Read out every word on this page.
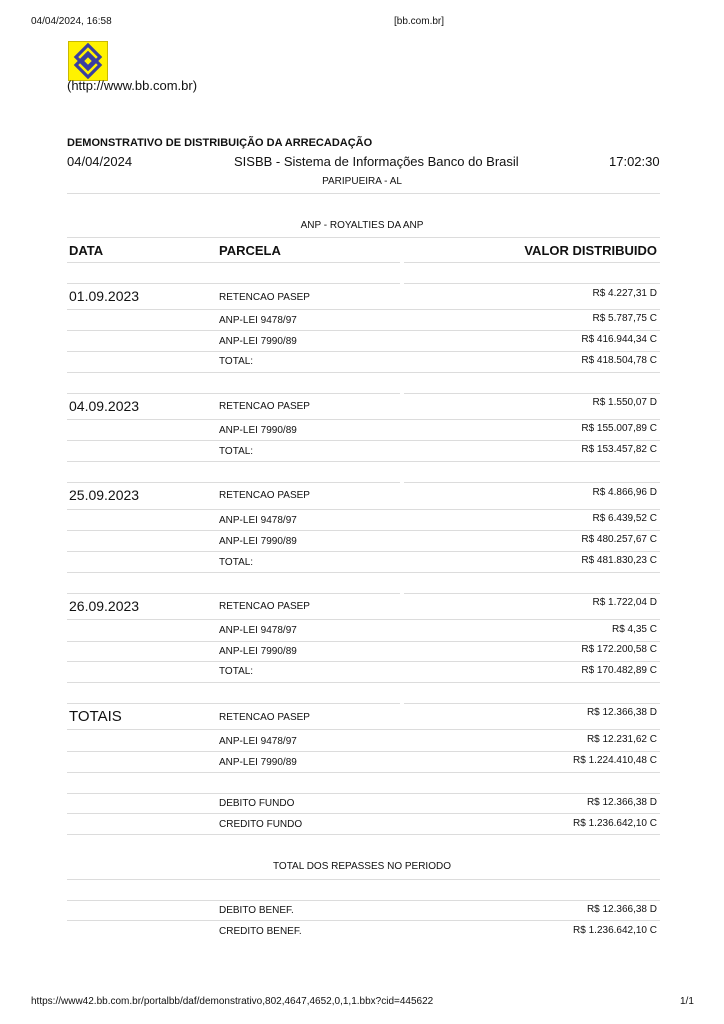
04/04/2024, 16:58	[bb.com.br]
(http://www.bb.com.br)
DEMONSTRATIVO DE DISTRIBUIÇÃO DA ARRECADAÇÃO
04/04/2024	SISBB - Sistema de Informações Banco do Brasil	17:02:30
PARIPUEIRA - AL
ANP - ROYALTIES DA ANP
DATA	PARCELA	VALOR DISTRIBUIDO
01.09.2023	RETENCAO PASEP	R$ 4.227,31 D
ANP-LEI 9478/97	R$ 5.787,75 C
ANP-LEI 7990/89	R$ 416.944,34 C
TOTAL:	R$ 418.504,78 C
04.09.2023	RETENCAO PASEP	R$ 1.550,07 D
ANP-LEI 7990/89	R$ 155.007,89 C
TOTAL:	R$ 153.457,82 C
25.09.2023	RETENCAO PASEP	R$ 4.866,96 D
ANP-LEI 9478/97	R$ 6.439,52 C
ANP-LEI 7990/89	R$ 480.257,67 C
TOTAL:	R$ 481.830,23 C
26.09.2023	RETENCAO PASEP	R$ 1.722,04 D
ANP-LEI 9478/97	R$ 4,35 C
ANP-LEI 7990/89	R$ 172.200,58 C
TOTAL:	R$ 170.482,89 C
TOTAIS	RETENCAO PASEP	R$ 12.366,38 D
ANP-LEI 9478/97	R$ 12.231,62 C
ANP-LEI 7990/89	R$ 1.224.410,48 C
DEBITO FUNDO	R$ 12.366,38 D
CREDITO FUNDO	R$ 1.236.642,10 C
TOTAL DOS REPASSES NO PERIODO
DEBITO BENEF.	R$ 12.366,38 D
CREDITO BENEF.	R$ 1.236.642,10 C
https://www42.bb.com.br/portalbb/daf/demonstrativo,802,4647,4652,0,1,1.bbx?cid=445622	1/1
